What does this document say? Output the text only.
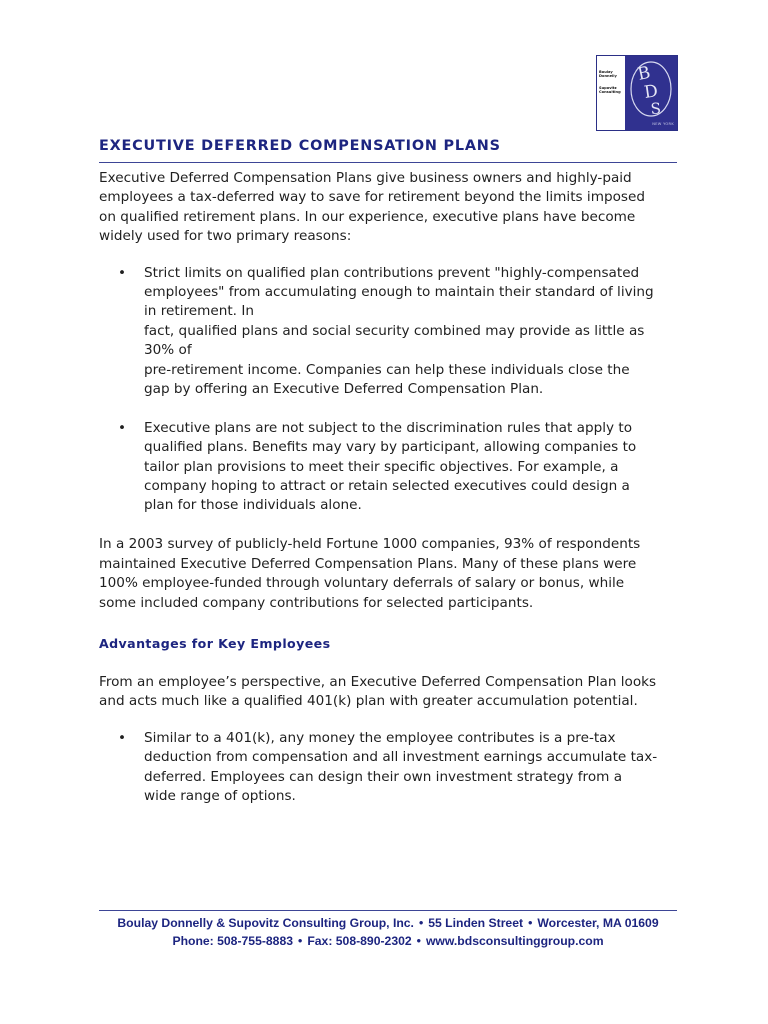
Boulay
Donnelly
Supovitz
Consulting
B
D
S
NEW YORK
EXECUTIVE DEFERRED COMPENSATION PLANS

Executive Deferred Compensation Plans give business owners and highly-paid
employees a tax-deferred way to save for retirement beyond the limits imposed
on qualified retirement plans. In our experience, executive plans have become
widely used for two primary reasons:

• Strict limits on qualified plan contributions prevent "highly-compensated
employees" from accumulating enough to maintain their standard of living
in retirement. In
fact, qualified plans and social security combined may provide as little as
30% of
pre-retirement income. Companies can help these individuals close the
gap by offering an Executive Deferred Compensation Plan.
• Executive plans are not subject to the discrimination rules that apply to
qualified plans. Benefits may vary by participant, allowing companies to
tailor plan provisions to meet their specific objectives. For example, a
company hoping to attract or retain selected executives could design a
plan for those individuals alone.

In a 2003 survey of publicly-held Fortune 1000 companies, 93% of respondents
maintained Executive Deferred Compensation Plans. Many of these plans were
100% employee-funded through voluntary deferrals of salary or bonus, while
some included company contributions for selected participants.

Advantages for Key Employees

From an employee’s perspective, an Executive Deferred Compensation Plan looks
and acts much like a qualified 401(k) plan with greater accumulation potential.

• Similar to a 401(k), any money the employee contributes is a pre-tax
deduction from compensation and all investment earnings accumulate tax-
deferred. Employees can design their own investment strategy from a
wide range of options.
Boulay Donnelly & Supovitz Consulting Group, Inc. • 55 Linden Street • Worcester, MA 01609
Phone: 508-755-8883 • Fax: 508-890-2302 • www.bdsconsultinggroup.com
